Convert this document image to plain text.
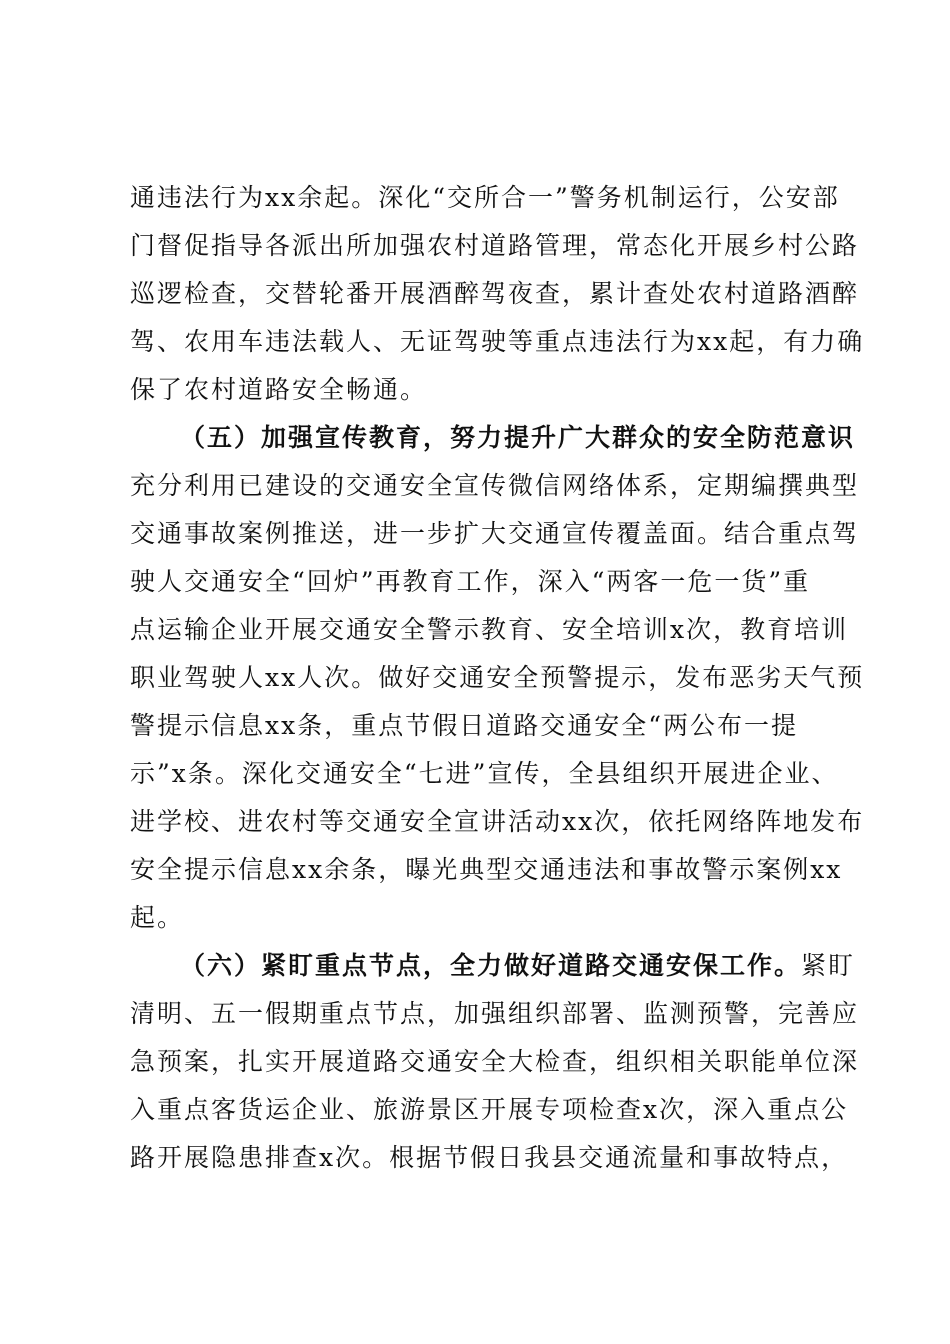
通违法行为xx余起。深化“交所合一”警务机制运行，公安部
门督促指导各派出所加强农村道路管理，常态化开展乡村公路
巡逻检查，交替轮番开展酒醉驾夜查，累计查处农村道路酒醉
驾、农用车违法载人、无证驾驶等重点违法行为xx起，有力确
保了农村道路安全畅通。
（五）加强宣传教育，努力提升广大群众的安全防范意识
充分利用已建设的交通安全宣传微信网络体系，定期编撰典型
交通事故案例推送，进一步扩大交通宣传覆盖面。结合重点驾
驶人交通安全“回炉”再教育工作，深入“两客一危一货”重
点运输企业开展交通安全警示教育、安全培训x次，教育培训
职业驾驶人xx人次。做好交通安全预警提示，发布恶劣天气预
警提示信息xx条，重点节假日道路交通安全“两公布一提
示”x条。深化交通安全“七进”宣传，全县组织开展进企业、
进学校、进农村等交通安全宣讲活动xx次，依托网络阵地发布
安全提示信息xx余条，曝光典型交通违法和事故警示案例xx
起。
（六）紧盯重点节点，全力做好道路交通安保工作。紧盯
清明、五一假期重点节点，加强组织部署、监测预警，完善应
急预案，扎实开展道路交通安全大检查，组织相关职能单位深
入重点客货运企业、旅游景区开展专项检查x次，深入重点公
路开展隐患排查x次。根据节假日我县交通流量和事故特点，
